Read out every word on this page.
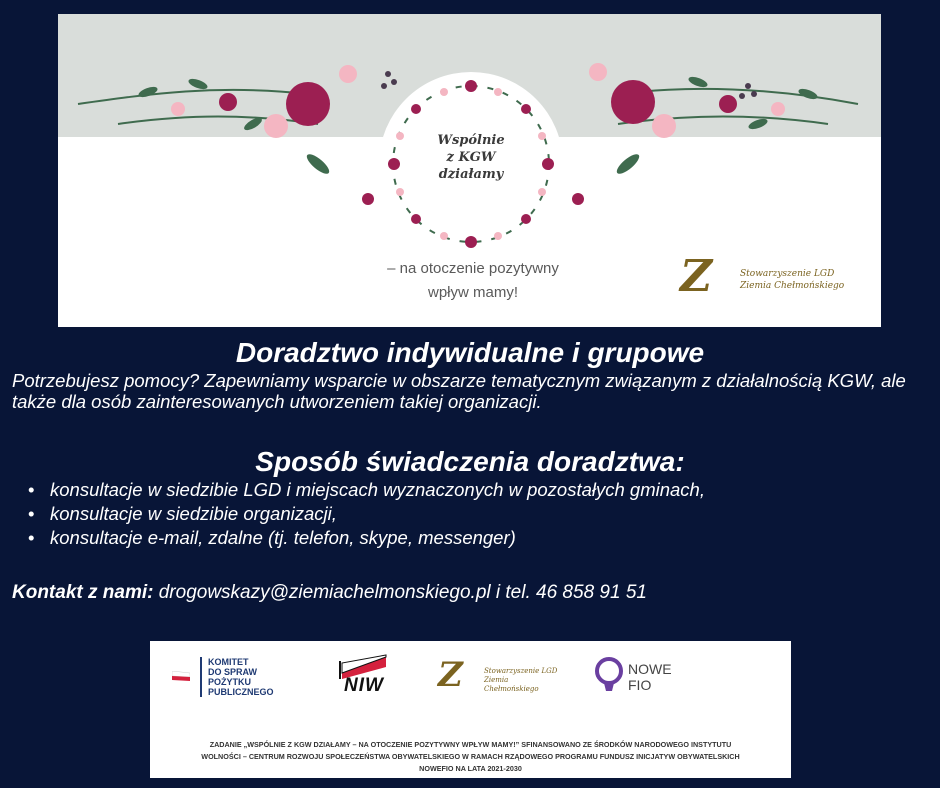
Wspólnie
z KGW
działamy
– na otoczenie pozytywny
wpływ mamy!	Z	Stowarzyszenie LGD
Ziemia Chełmońskiego
Doradztwo indywidualne i grupowe
Potrzebujesz pomocy? Zapewniamy wsparcie w obszarze tematycznym związanym z działalnością KGW, ale także dla osób zainteresowanych utworzeniem takiej organizacji.
Sposób świadczenia doradztwa:
• konsultacje w siedzibie LGD i miejscach wyznaczonych w pozostałych gminach,
• konsultacje w siedzibie organizacji,
• konsultacje e-mail, zdalne (tj. telefon, skype, messenger)
Kontakt z nami: drogowskazy@ziemiachelmonskiego.pl i tel. 46 858 91 51
KOMITET
DO SPRAW
POŻYTKU
PUBLICZNEGO	NIW Z	Stowarzyszenie LGD
Ziemia Chełmońskiego
NOWE
FIO
ZADANIE „WSPÓLNIE Z KGW DZIAŁAMY – NA OTOCZENIE POZYTYWNY WPŁYW MAMY!” SFINANSOWANO ZE ŚRODKÓW NARODOWEGO INSTYTUTU
WOLNOŚCI – CENTRUM ROZWOJU SPOŁECZEŃSTWA OBYWATELSKIEGO W RAMACH RZĄDOWEGO PROGRAMU FUNDUSZ INICJATYW OBYWATELSKICH
NOWEFIO NA LATA 2021-2030
